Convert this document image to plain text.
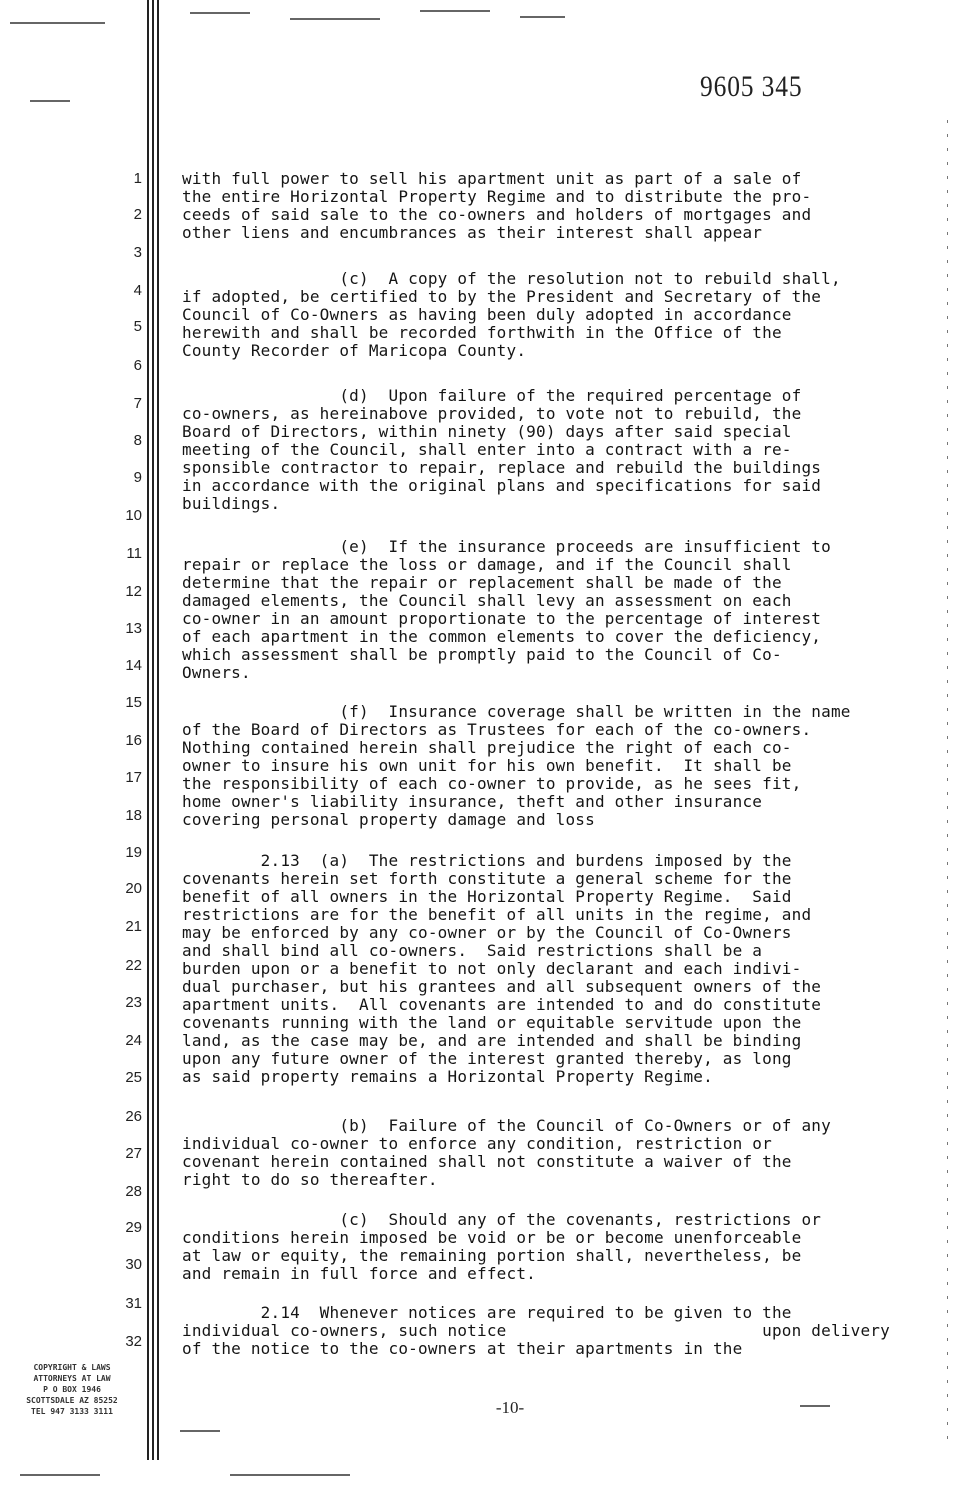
9605 345
1
2
3
4
5
6
7
8
9
10
11
12
13
14
15
16
17
18
19
20
21
22
23
24
25
26
27
28
29
30
31
32
with full power to sell his apartment unit as part of a sale of
the entire Horizontal Property Regime and to distribute the pro-
ceeds of said sale to the co-owners and holders of mortgages and
other liens and encumbrances as their interest shall appear
(c)  A copy of the resolution not to rebuild shall,
if adopted, be certified to by the President and Secretary of the
Council of Co-Owners as having been duly adopted in accordance
herewith and shall be recorded forthwith in the Office of the
County Recorder of Maricopa County.
(d)  Upon failure of the required percentage of
co-owners, as hereinabove provided, to vote not to rebuild, the
Board of Directors, within ninety (90) days after said special
meeting of the Council, shall enter into a contract with a re-
sponsible contractor to repair, replace and rebuild the buildings
in accordance with the original plans and specifications for said
buildings.
(e)  If the insurance proceeds are insufficient to
repair or replace the loss or damage, and if the Council shall
determine that the repair or replacement shall be made of the
damaged elements, the Council shall levy an assessment on each
co-owner in an amount proportionate to the percentage of interest
of each apartment in the common elements to cover the deficiency,
which assessment shall be promptly paid to the Council of Co-
Owners.
(f)  Insurance coverage shall be written in the name
of the Board of Directors as Trustees for each of the co-owners.
Nothing contained herein shall prejudice the right of each co-
owner to insure his own unit for his own benefit.  It shall be
the responsibility of each co-owner to provide, as he sees fit,
home owner's liability insurance, theft and other insurance
covering personal property damage and loss
2.13  (a)  The restrictions and burdens imposed by the
covenants herein set forth constitute a general scheme for the
benefit of all owners in the Horizontal Property Regime.  Said
restrictions are for the benefit of all units in the regime, and
may be enforced by any co-owner or by the Council of Co-Owners
and shall bind all co-owners.  Said restrictions shall be a
burden upon or a benefit to not only declarant and each indivi-
dual purchaser, but his grantees and all subsequent owners of the
apartment units.  All covenants are intended to and do constitute
covenants running with the land or equitable servitude upon the
land, as the case may be, and are intended and shall be binding
upon any future owner of the interest granted thereby, as long
as said property remains a Horizontal Property Regime.
(b)  Failure of the Council of Co-Owners or of any
individual co-owner to enforce any condition, restriction or
covenant herein contained shall not constitute a waiver of the
right to do so thereafter.
(c)  Should any of the covenants, restrictions or
conditions herein imposed be void or be or become unenforceable
at law or equity, the remaining portion shall, nevertheless, be
and remain in full force and effect.
2.14  Whenever notices are required to be given to the
individual co-owners, such notice                          upon delivery
of the notice to the co-owners at their apartments in the
-10-
COPYRIGHT & LAWS
ATTORNEYS AT LAW
P O BOX 1946
SCOTTSDALE AZ 85252
TEL 947 3133 3111
